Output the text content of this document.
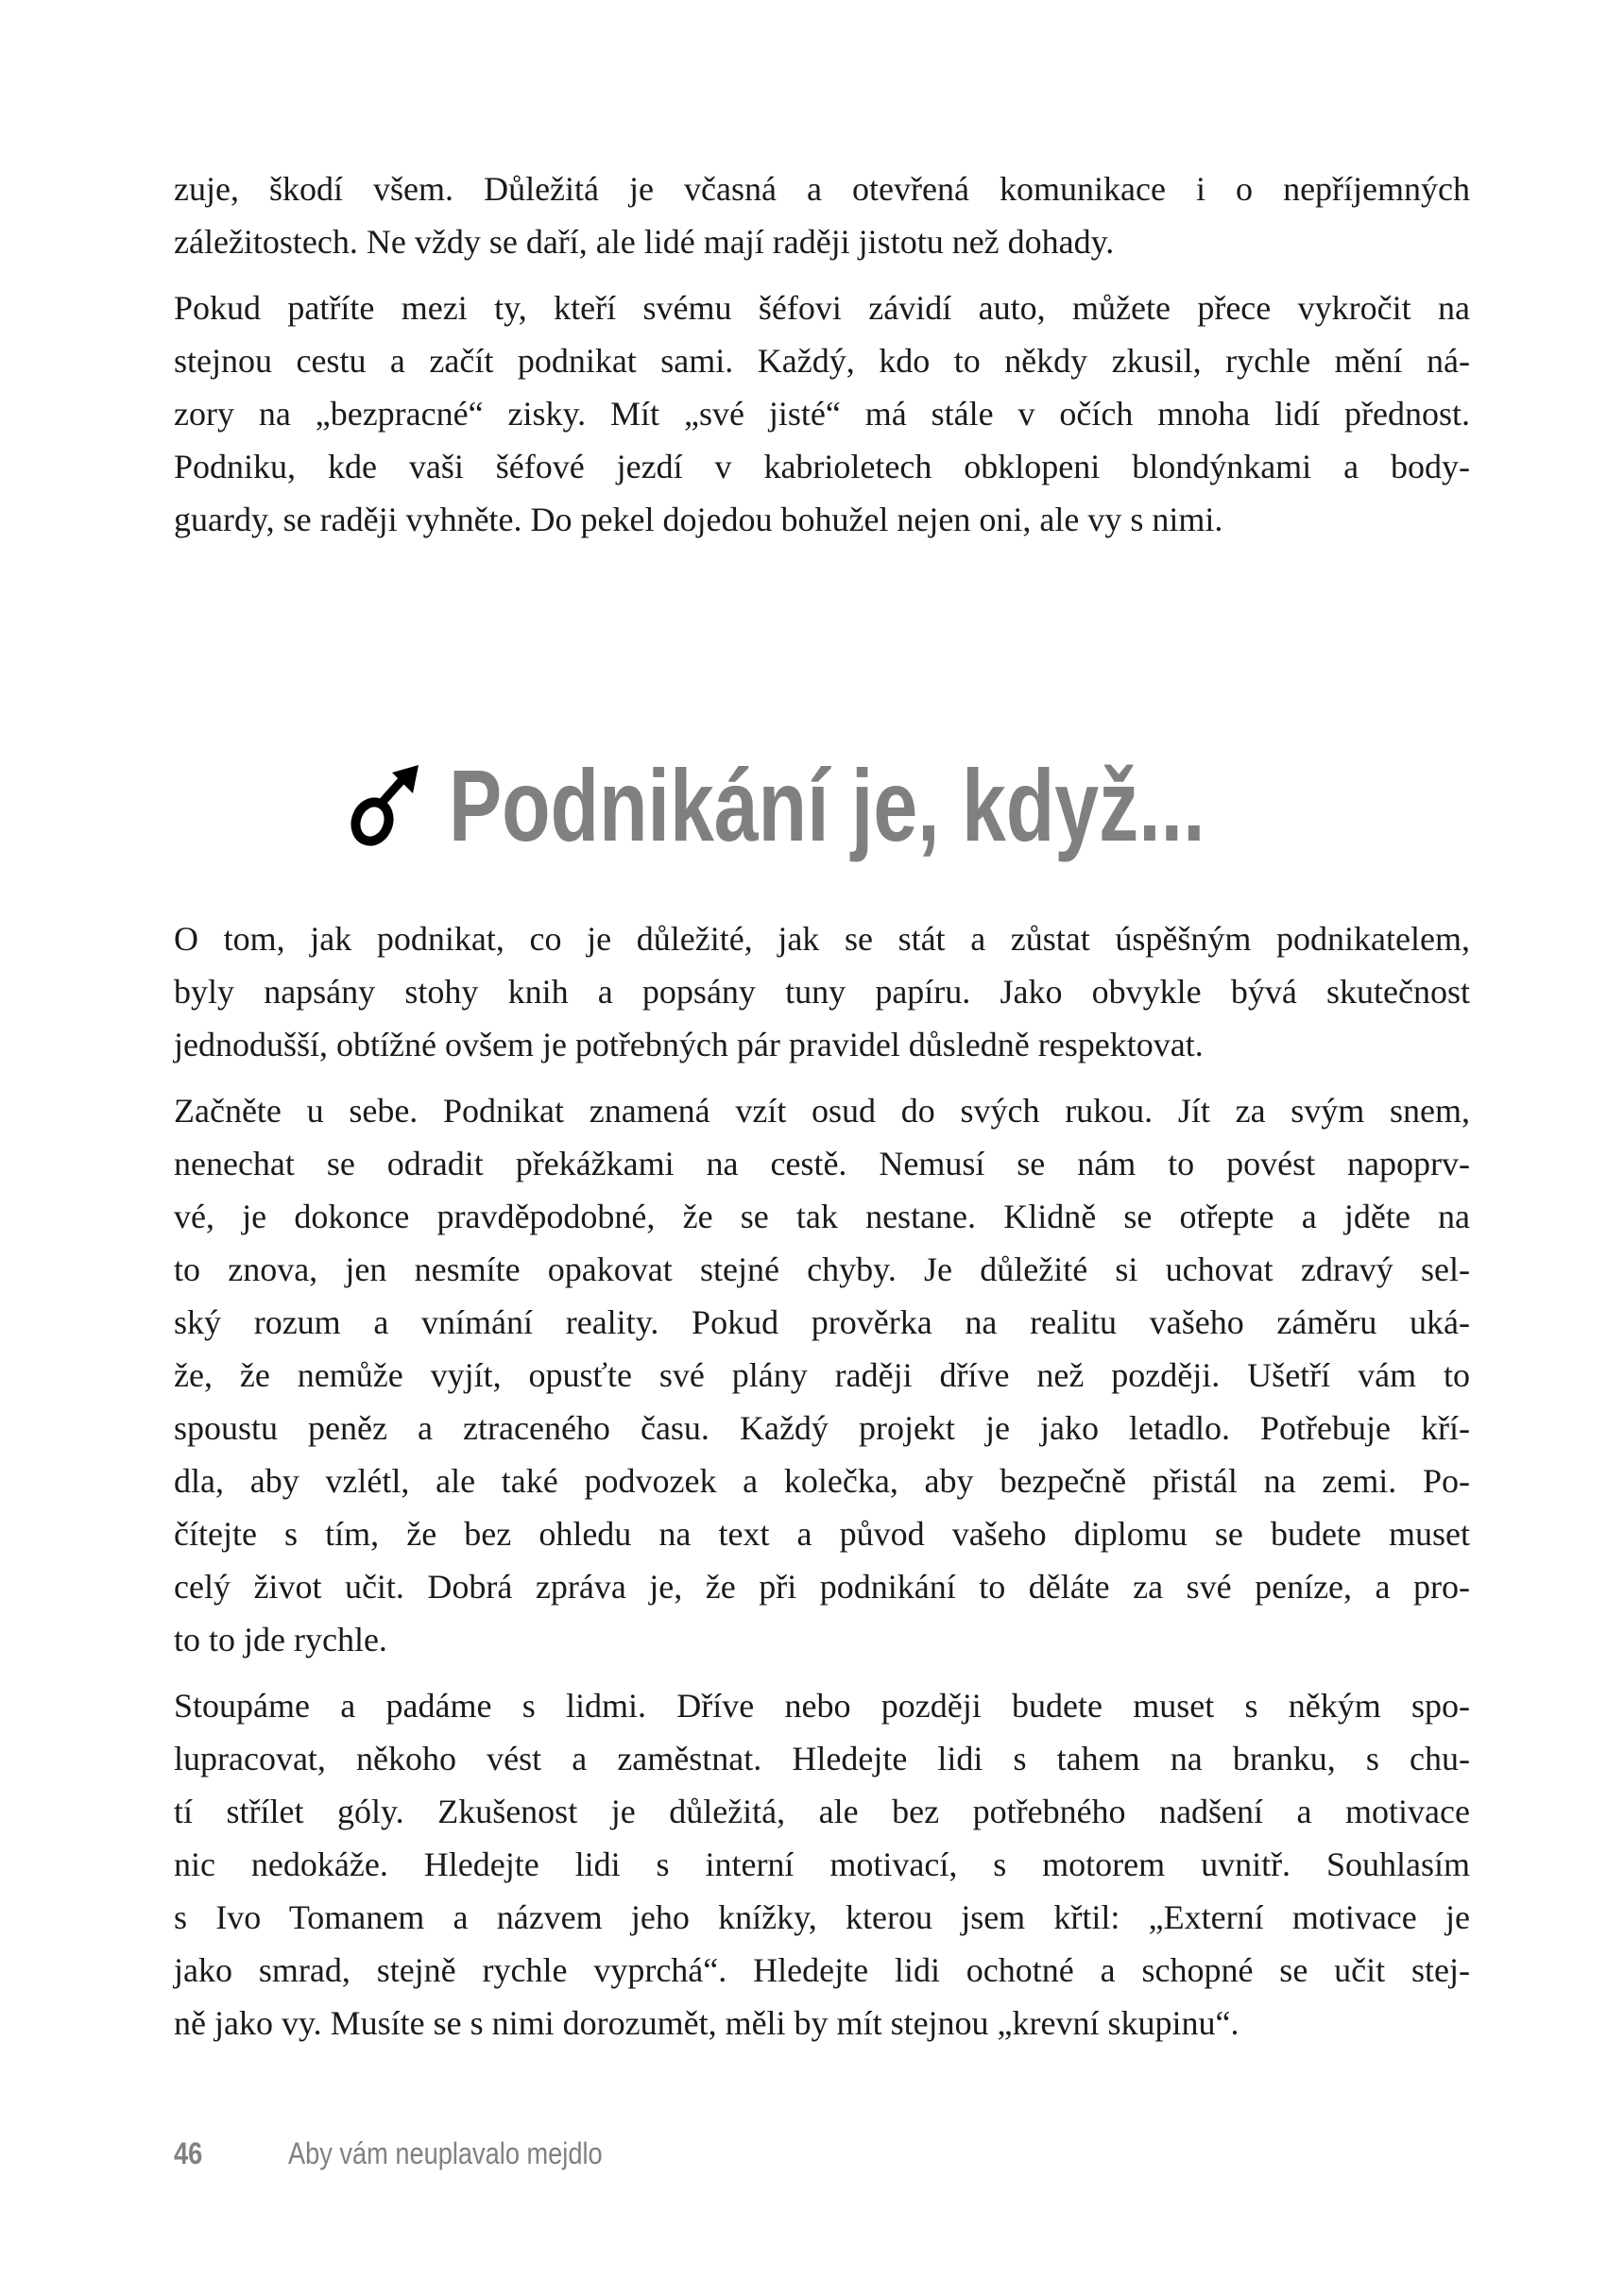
zuje, škodí všem. Důležitá je včasná a otevřená komunikace i o nepříjemných
záležitostech. Ne vždy se daří, ale lidé mají raději jistotu než dohady.
Pokud patříte mezi ty, kteří svému šéfovi závidí auto, můžete přece vykročit na
stejnou cestu a začít podnikat sami. Každý, kdo to někdy zkusil, rychle mění ná-
zory na „bezpracné“ zisky. Mít „své jisté“ má stále v očích mnoha lidí přednost.
Podniku, kde vaši šéfové jezdí v kabrioletech obklopeni blondýnkami a body-
guardy, se raději vyhněte. Do pekel dojedou bohužel nejen oni, ale vy s nimi.
Podnikání je, když...
O tom, jak podnikat, co je důležité, jak se stát a zůstat úspěšným podnikatelem,
byly napsány stohy knih a popsány tuny papíru. Jako obvykle bývá skutečnost
jednodušší, obtížné ovšem je potřebných pár pravidel důsledně respektovat.
Začněte u sebe. Podnikat znamená vzít osud do svých rukou. Jít za svým snem,
nenechat se odradit překážkami na cestě. Nemusí se nám to povést napoprv-
vé, je dokonce pravděpodobné, že se tak nestane. Klidně se otřepte a jděte na
to znova, jen nesmíte opakovat stejné chyby. Je důležité si uchovat zdravý sel-
ský rozum a vnímání reality. Pokud prověrka na realitu vašeho záměru uká-
že, že nemůže vyjít, opusťte své plány raději dříve než později. Ušetří vám to
spoustu peněz a ztraceného času. Každý projekt je jako letadlo. Potřebuje kří-
dla, aby vzlétl, ale také podvozek a kolečka, aby bezpečně přistál na zemi. Po-
čítejte s tím, že bez ohledu na text a původ vašeho diplomu se budete muset
celý život učit. Dobrá zpráva je, že při podnikání to děláte za své peníze, a pro-
to to jde rychle.
Stoupáme a padáme s lidmi. Dříve nebo později budete muset s někým spo-
lupracovat, někoho vést a zaměstnat. Hledejte lidi s tahem na branku, s chu-
tí střílet góly. Zkušenost je důležitá, ale bez potřebného nadšení a motivace
nic nedokáže. Hledejte lidi s interní motivací, s motorem uvnitř. Souhlasím
s Ivo Tomanem a názvem jeho knížky, kterou jsem křtil: „Externí motivace je
jako smrad, stejně rychle vyprchá“. Hledejte lidi ochotné a schopné se učit stej-
ně jako vy. Musíte se s nimi dorozumět, měli by mít stejnou „krevní skupinu“.
46	Aby vám neuplavalo mejdlo
